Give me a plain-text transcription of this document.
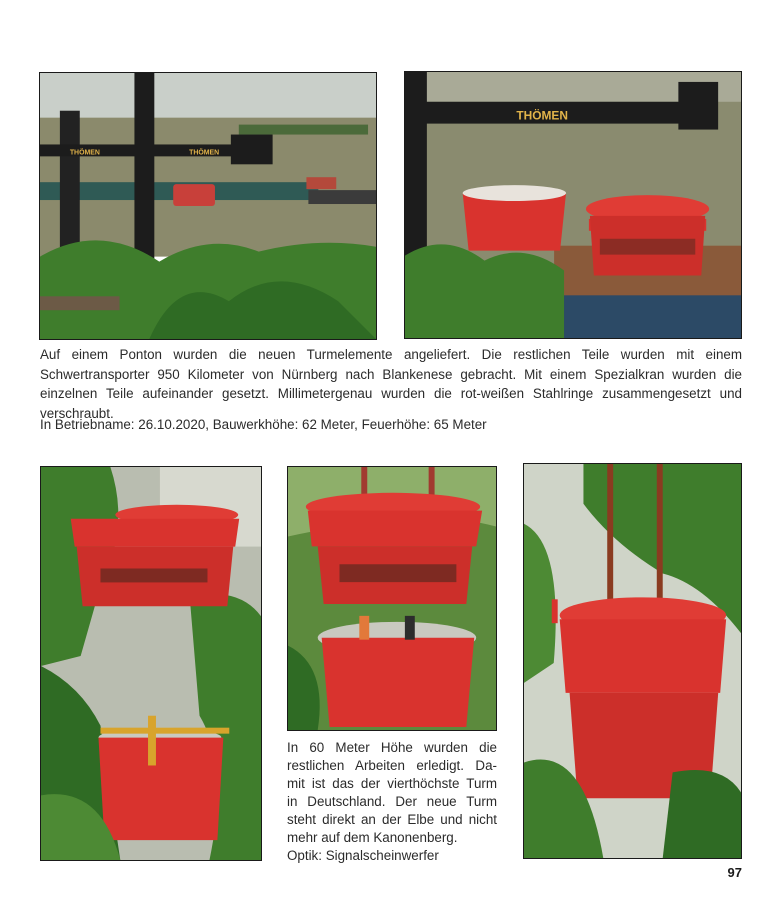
THÖMEN	THÖMEN
THÖMEN

Auf einem Ponton wurden die neuen Turmelemente angeliefert. Die restlichen Teile wurden mit einem Schwertransporter 950 Kilometer von Nürnberg nach Blankenese gebracht. Mit einem Spezialkran wurden die einzelnen Teile aufeinander gesetzt. Millimetergenau wurden die rot-weißen Stahlringe zusammengesetzt und verschraubt.

In Betriebname: 26.10.2020, Bauwerkhöhe: 62 Meter, Feuerhöhe: 65 Meter

In 60 Meter Höhe wurden die
restlichen Arbeiten erledigt. Da-
mit ist das der vierthöchste Turm
in Deutschland. Der neue Turm
steht direkt an der Elbe und nicht
mehr auf dem Kanonenberg.
Optik: Signalscheinwerfer

97
